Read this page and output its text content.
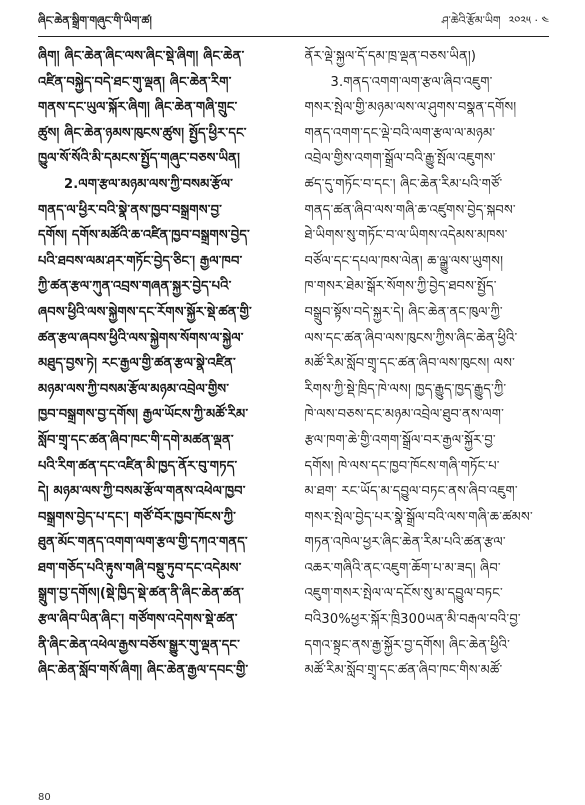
ཞིང་ཆེན་སྒྲིག་གཞུང་གི་ཡིག་ཚ།	ཤ་ཆེའི་རྩོམ་ཡིག ༢༠༢༥ · ༤
ཞིག། ཞིང་ཆེན་ཞིང་ལས་ཞིང་སྡེ་ཞིག། ཞིང་ཆེན་
འཛིན་བསྐྱེད་བདེ་ཐང་གུ་ལྡན། ཞིང་ཆེན་རིག་
གནས་དང་ཡུལ་སྐོར་ཞིག། ཞིང་ཆེན་གཞི་གྲུང་
ཚུས། ཞིང་ཆེན་ཉམས་ཁུངས་ཚུས། སྤྱོད་ཕྱིར་དང་
ཁྱུལ་སོ་སོའི་མི་དམངས་སྤྱོད་གཞུང་བཅས་ཡིན།
2.ལག་རྩལ་མཉམ་ལས་ཀྱི་བསམ་རྩོལ་
གནད་ལ་ཕྱིར་བའི་སྣེ་ནས་ཁྱབ་བསྒྲགས་བྱ་
དགོས། དགོས་མཚོའི་ཆ་འཛིན་ཁྱབ་བསྒྲགས་བྱེད་
པའི་ཐབས་ལམ་ཤར་གཏོང་བྱེད་ཅིང་། རྒྱལ་ཁབ་
ཀྱི་ཚན་རྩལ་ཀུན་འབྲས་གཞན་སྐྱར་བྱེད་པའི་
ཞབས་ཕྱིའི་ལས་སྐྱེགས་དང་རོགས་སྐྱོར་སྡེ་ཚན་གྱི་
ཚན་རྩལ་ཞབས་ཕྱིའི་ལས་སྐྱེགས་སོགས་ལ་སྐྱེལ་
མཐུད་བྱས་ཏེ། རང་རྒྱལ་གྱི་ཚན་རྩལ་སྣེ་འཛིན་
མཉམ་ལས་ཀྱི་བསམ་རྩོལ་མཉམ་འབྲེལ་གྱིས་
ཁྱབ་བསྒྲགས་བྱ་དགོས། རྒྱལ་ཡོངས་ཀྱི་མཚོ་རིམ་
སློབ་གྲྭ་དང་ཚན་ཞིབ་ཁང་གི་དགེ་མཚན་ལྡན་
པའི་རིག་ཚན་དང་འཛིན་མི་ཁྱད་ནོར་བུ་གཏད་
དེ། མཉམ་ལས་ཀྱི་བསམ་རྩོལ་གནས་འཕེལ་ཁྱབ་
བསྒྲགས་བྱེད་པ་དང་། གཙོ་བོར་ཁྱབ་ཁོངས་ཀྱི་
ཐུན་མོང་གནད་འགག་ལག་རྩལ་གྱི་དཀའ་གནད་
ཐག་གཅོད་པའི་རྟུས་གཞི་བསྡུ་ཏུབ་དང་འདེམས་
སྒྲུག་བྱ་དགོས།(སྡེ་ཁྱིད་སྡེ་ཚན་ནི་ཞིང་ཆེན་ཚན་
རྩལ་ཞིབ་ཡིན་ཞིང་། གཙོགས་འདེགས་སྡེ་ཚན་
ནི་ཞིང་ཆེན་འཕེལ་རྒྱས་བཅོས་སྒྱུར་གུ་ལྡན་དང་
ཞིང་ཆེན་སློབ་གསོ་ཞིག། ཞིང་ཆེན་རྒྱལ་དབང་གྱི་
ནོར་ལྡེ་སྐྱལ་དོ་དམ་ཁྲ་ལྡན་བཅས་ཡིན།)
3.གནད་འགག་ལག་རྩལ་ཞིབ་འཇུག་
གསར་སྤེལ་གྱི་མཉམ་ལས་ལ་ཤུགས་བསྣན་དགོས།
གནད་འགག་དང་ལྡེ་བའི་ལག་རྩལ་ལ་མཉམ་
འབྲེལ་གྱིས་འགག་སྒྲོལ་བའི་རྒྱུ་སྤོལ་འཇུགས་
ཚད་དུ་གཏོང་བ་དང་། ཞིང་ཆེན་རིམ་པའི་གཙོ་
གནད་ཚན་ཞིབ་ལས་གཞི་ཆ་འཛུགས་བྱེད་སྐབས་
ཐེ་ཡིགས་སུ་གཏོང་བ་ལ་ཡིགས་འདེམས་མཁས་
བཙོལ་དང་དཔལ་ཁས་ལེན། ཆ་ལྒྱུ་ལས་ཡུགས།
ཁ་གསར་ཐེམ་སྒོར་སོགས་ཀྱི་བྱེད་ཐབས་སྤྱོད་
བསྒྲུབ་སྟོས་བདེ་སྐྱར་དེ། ཞིང་ཆེན་ནང་ཁུལ་ཀྱི་
ལས་དང་ཚན་ཞིབ་ལས་ཁུངས་ཀྱིས་ཞིང་ཆེན་ཕྱིའི་
མཚོ་རིམ་སློབ་གྲྭ་དང་ཚན་ཞིབ་ལས་ཁུངས། ལས་
རིགས་ཀྱི་སྡེ་ཁྲིད་ཁེ་ལས། ཁྱད་རྒྱུད་ཁྱད་རྒྱུད་ཀྱི་
ཁེ་ལས་བཅས་དང་མཉམ་འབྲེལ་ཐུབ་ནས་ལག་
རྩལ་ཁག་ཆེ་གྱི་འགག་སྒྲོལ་བར་རྒྱལ་སྐྱོར་བྱ་
དགོས། ཁེ་ལས་དང་ཁྱབ་ཁོངས་གཞི་གཏོང་པ་
མ་ཐག་ རང་ཡོད་མ་དབྱུལ་བཏང་ནས་ཞིབ་འཇུག་
གསར་སྤེལ་བྱེད་པར་སྣེ་སྒྲོལ་བའི་ལས་གཞི་ཆ་ཚམས་
གཏན་འཁེལ་ཕྱར་ཞིང་ཆེན་རིམ་པའི་ཚན་རྩལ་
འཆར་གཞིའི་ནང་འཇུག་ཆོག་པ་མ་ཟད། ཞིབ་
འཇུག་གསར་སྤེལ་ལ་དངོས་སུ་མ་དབྱུལ་བཏང་
བའི30%ཕྱར་སྐོར་ཁྲི300ཡན་མི་བརྒལ་བའི་བྱ་
དགའ་སྟྲང་ནས་རྒྱ་སྐྱོར་བྱ་དགོས། ཞིང་ཆེན་ཕྱིའི་
མཚོ་རིམ་སློབ་གྲྭ་དང་ཚན་ཞིབ་ཁང་གིས་མཚོ་
80
